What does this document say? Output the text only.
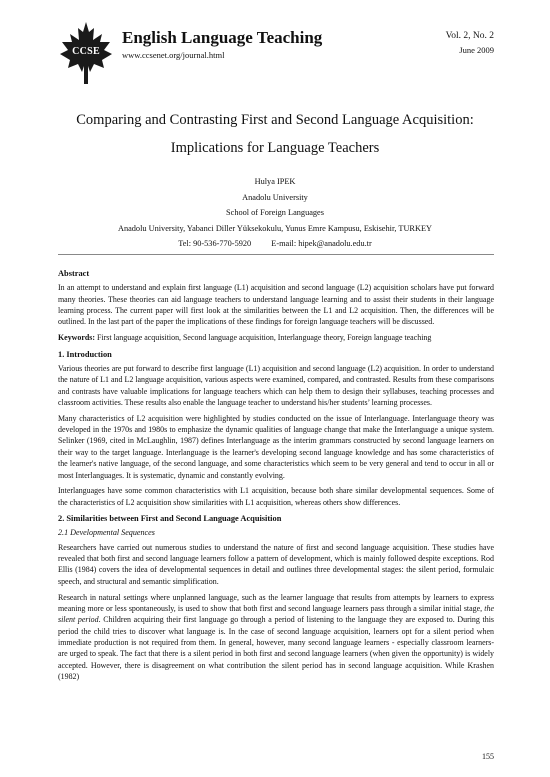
CCSE
English Language Teaching
www.ccsenet.org/journal.html
Vol. 2, No. 2
June 2009
Comparing and Contrasting First and Second Language Acquisition:
Implications for Language Teachers
Hulya IPEK
Anadolu University
School of Foreign Languages
Anadolu University, Yabanci Diller Yüksekokulu, Yunus Emre Kampusu, Eskisehir, TURKEY
Tel: 90-536-770-5920 E-mail: hipek@anadolu.edu.tr
Abstract

In an attempt to understand and explain first language (L1) acquisition and second language (L2) acquisition scholars have put forward many theories. These theories can aid language teachers to understand language learning and to assist their students in their language learning process. The current paper will first look at the similarities between the L1 and L2 acquisition. Then, the differences will be outlined. In the last part of the paper the implications of these findings for foreign language teachers will be discussed.

Keywords: First language acquisition, Second language acquisition, Interlanguage theory, Foreign language teaching

1. Introduction

Various theories are put forward to describe first language (L1) acquisition and second language (L2) acquisition. In order to understand the nature of L1 and L2 language acquisition, various aspects were examined, compared, and contrasted. Results from these comparisons and contrasts have valuable implications for language teachers which can help them to design their syllabuses, teaching processes and classroom activities. These results also enable the language teacher to understand his/her students’ learning processes.

Many characteristics of L2 acquisition were highlighted by studies conducted on the issue of Interlanguage. Interlanguage theory was developed in the 1970s and 1980s to emphasize the dynamic qualities of language change that make the Interlanguage a unique system. Selinker (1969, cited in McLaughlin, 1987) defines Interlanguage as the interim grammars constructed by second language learners on their way to the target language. Interlanguage is the learner's developing second language knowledge and has some characteristics of the learner's native language, of the second language, and some characteristics which seem to be very general and tend to occur in all or most Interlanguages. It is systematic, dynamic and constantly evolving.

Interlanguages have some common characteristics with L1 acquisition, because both share similar developmental sequences. Some of the characteristics of L2 acquisition show similarities with L1 acquisition, whereas others show differences.

2. Similarities between First and Second Language Acquisition
2.1 Developmental Sequences

Researchers have carried out numerous studies to understand the nature of first and second language acquisition. These studies have revealed that both first and second language learners follow a pattern of development, which is mainly followed despite exceptions. Rod Ellis (1984) covers the idea of developmental sequences in detail and outlines three developmental stages: the silent period, formulaic speech, and structural and semantic simplification.

Research in natural settings where unplanned language, such as the learner language that results from attempts by learners to express meaning more or less spontaneously, is used to show that both first and second language learners pass through a similar initial stage, the silent period. Children acquiring their first language go through a period of listening to the language they are exposed to. During this period the child tries to discover what language is. In the case of second language acquisition, learners opt for a silent period when immediate production is not required from them. In general, however, many second language learners - especially classroom learners- are urged to speak. The fact that there is a silent period in both first and second language learners (when given the opportunity) is widely accepted. However, there is disagreement on what contribution the silent period has in second language acquisition. While Krashen (1982)

155
